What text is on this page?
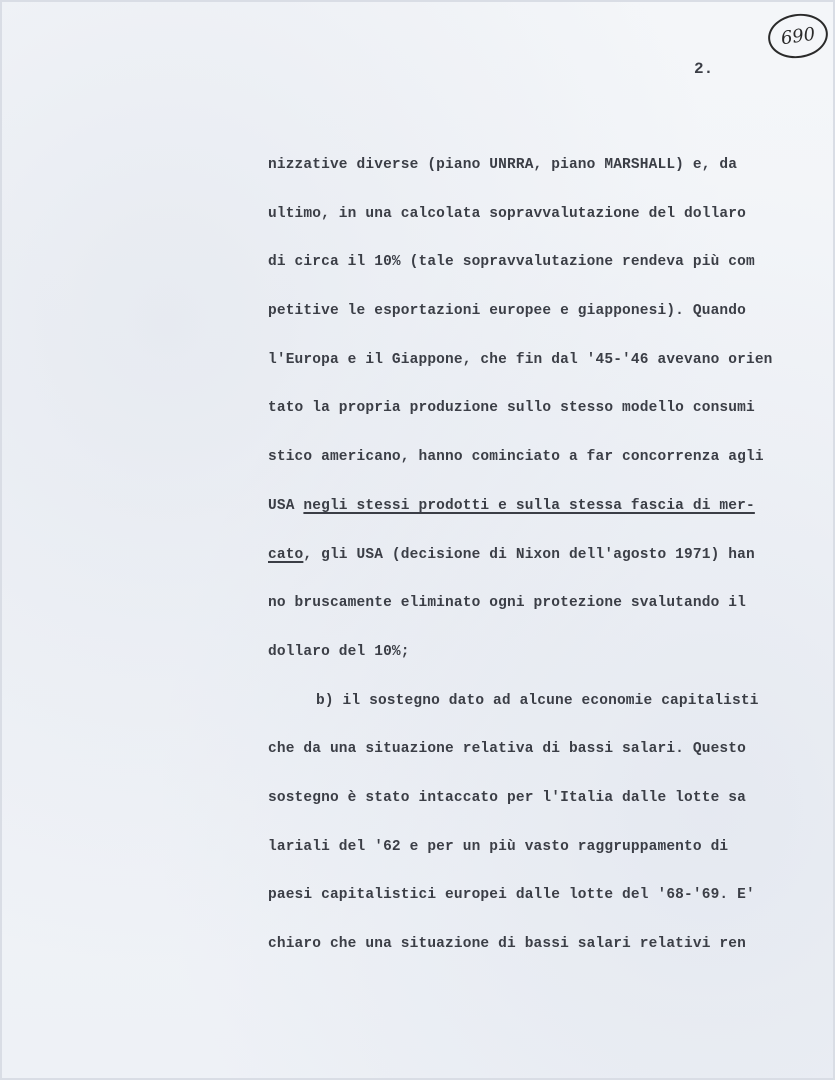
690
2.
nizzative diverse (piano UNRRA, piano MARSHALL) e, da
ultimo, in una calcolata sopravvalutazione del dollaro
di circa il 10% (tale sopravvalutazione rendeva più com
petitive le esportazioni europee e giapponesi). Quando
l'Europa e il Giappone, che fin dal '45-'46 avevano orien
tato la propria produzione sullo stesso modello consumi
stico americano, hanno cominciato a far concorrenza agli
USA negli stessi prodotti e sulla stessa fascia di mer-
cato, gli USA (decisione di Nixon dell'agosto 1971) han
no bruscamente eliminato ogni protezione svalutando il
dollaro del 10%;
b) il sostegno dato ad alcune economie capitalisti
che da una situazione relativa di bassi salari. Questo
sostegno è stato intaccato per l'Italia dalle lotte sa
lariali del '62 e per un più vasto raggruppamento di
paesi capitalistici europei dalle lotte del '68-'69. E'
chiaro che una situazione di bassi salari relativi ren
